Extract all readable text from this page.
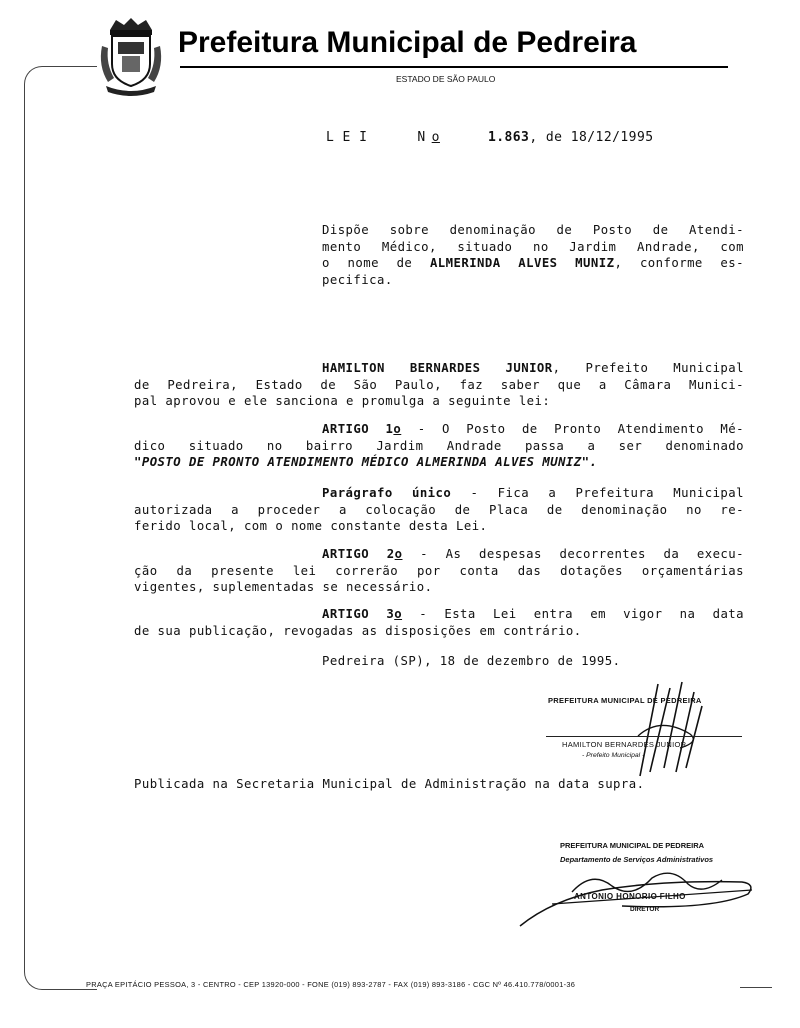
Prefeitura Municipal de Pedreira
ESTADO DE SÃO PAULO
L E I	N o	1.863, de 18/12/1995
Dispõe sobre denominação de Posto de Atendi-
mento Médico, situado no Jardim Andrade, com
o nome de ALMERINDA ALVES MUNIZ, conforme es-
pecifica.
HAMILTON BERNARDES JUNIOR, Prefeito Municipal
de Pedreira, Estado de São Paulo, faz saber que a Câmara Munici-
pal aprovou e ele sanciona e promulga a seguinte lei:
ARTIGO 1o - O Posto de Pronto Atendimento Mé-
dico situado no bairro Jardim Andrade passa a ser denominado
"POSTO DE PRONTO ATENDIMENTO MÉDICO ALMERINDA ALVES MUNIZ".
Parágrafo único - Fica a Prefeitura Municipal
autorizada a proceder a colocação de Placa de denominação no re-
ferido local, com o nome constante desta Lei.
ARTIGO 2o - As despesas decorrentes da execu-
ção da presente lei correrão por conta das dotações orçamentárias
vigentes, suplementadas se necessário.
ARTIGO 3o - Esta Lei entra em vigor na data
de sua publicação, revogadas as disposições em contrário.
Pedreira (SP), 18 de dezembro de 1995.
PREFEITURA MUNICIPAL DE PEDREIRA
HAMILTON BERNARDES JUNIOR
- Prefeito Municipal -
Publicada na Secretaria Municipal de Administração na data supra.
PREFEITURA MUNICIPAL DE PEDREIRA
Departamento de Serviços Administrativos
ANTONIO HONORIO FILHO
DIRETOR
PRAÇA EPITÁCIO PESSOA, 3 - CENTRO - CEP 13920-000 - FONE (019) 893-2787 - FAX (019) 893-3186 - CGC Nº 46.410.778/0001-36
